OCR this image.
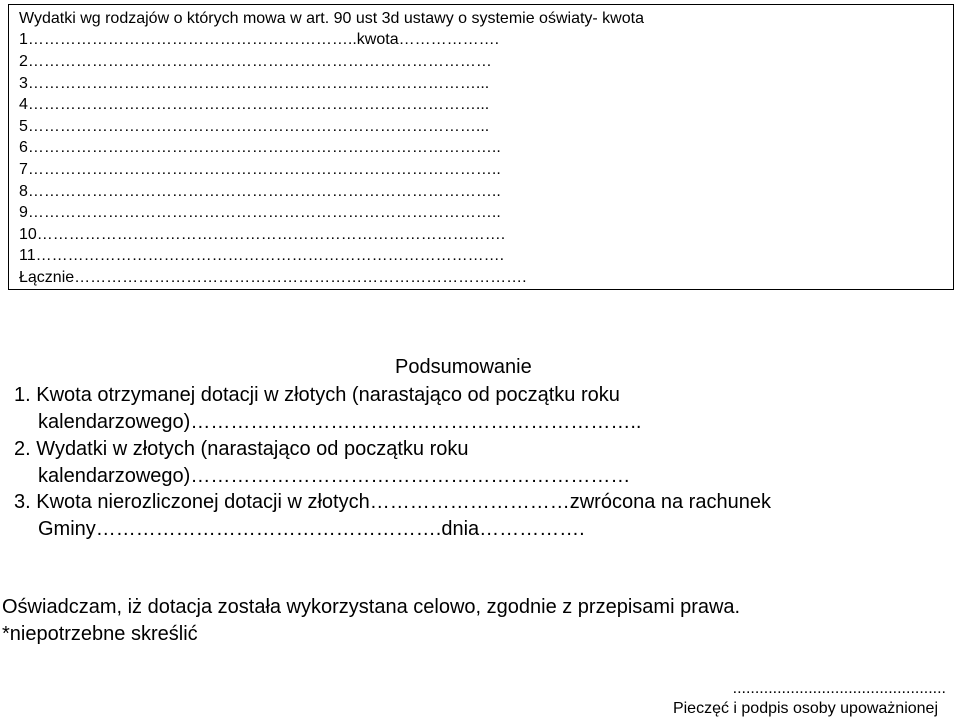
Wydatki wg rodzajów o których mowa w art. 90 ust 3d ustawy o systemie oświaty- kwota

1……………………………………………………..kwota……………….

2……………………………………………………………………………

3…………………………………………………………………………...

4…………………………………………………………………………...

5…………………………………………………………………………...

6……………………………………………………………………………..

7……………………………………………………………………………..

8……………………………………………………………………………..

9……………………………………………………………………………..

10…………………………………………………………………………….

11…………………………………………………………………………….

Łącznie………………………………………………………………………….

Podsumowanie

1. Kwota otrzymanej dotacji w złotych (narastająco od początku roku

kalendarzowego)…………………………………………………………..

2. Wydatki w złotych (narastająco od początku roku

kalendarzowego)…………………………………………………………

3. Kwota nierozliczonej dotacji w złotych…………………………zwrócona na rachunek

Gminy…………………………………………….dnia…………….

Oświadczam, iż dotacja została wykorzystana celowo, zgodnie z przepisami prawa.

*niepotrzebne skreślić

................................................
Pieczęć i podpis osoby upoważnionej
